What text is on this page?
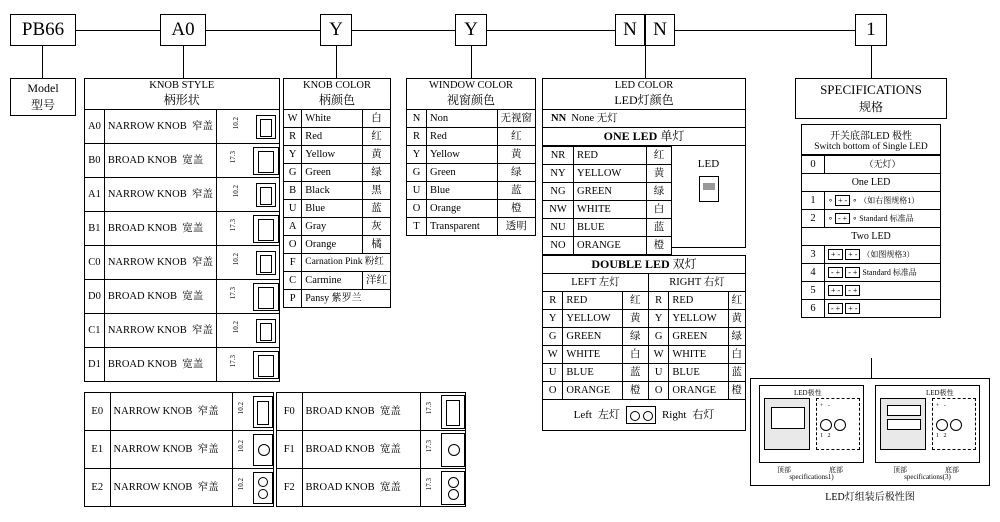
PB66	A0	Y	Y	N N	1
Model
型号
KNOB STYLE
柄形状		
A0	NARROW KNOB 窄盖	10.2

B0	BROAD KNOB 宽盖	17.3

A1	NARROW KNOB 窄盖	10.2

B1	BROAD KNOB 宽盖	17.3

C0	NARROW KNOB 窄盖	10.2

D0	BROAD KNOB 宽盖	17.3

C1	NARROW KNOB 窄盖	10.2

D1	BROAD KNOB 宽盖	17.3
E0	NARROW KNOB 窄盖	10.2

E1	NARROW KNOB 窄盖	10.2

E2	NARROW KNOB 窄盖	10.2
F0	BROAD KNOB 宽盖	17.3

F1	BROAD KNOB 宽盖	17.3

F2	BROAD KNOB 宽盖	17.3
KNOB COLOR
柄颜色		
W	White	白
R	Red	红
Y	Yellow	黄
G	Green	绿
B	Black	黑
U	Blue	蓝
A	Gray	灰
O	Orange	橘
F	Carnation Pink 粉红	
C	Carmine	洋红
P	Pansy 紫罗兰	
WINDOW COLOR
视窗颜色		
N	Non	无视窗
R	Red	红
Y	Yellow	黄
G	Green	绿
U	Blue	蓝
O	Orange	橙
T	Transparent	透明
LED COLOR
LED灯颜色
NN None 无灯
ONE LED 单灯
NR	RED	红
NY	YELLOW	黄
NG	GREEN	绿
NW	WHITE	白
NU	BLUE	蓝
NO	ORANGE	橙
LED
DOUBLE LED 双灯					
LEFT 左灯			RIGHT 右灯		
R	RED	红	R	RED	红
Y	YELLOW	黄	Y	YELLOW	黄
G	GREEN	绿	G	GREEN	绿
W	WHITE	白	W	WHITE	白
U	BLUE	蓝	U	BLUE	蓝
O	ORANGE	橙	O	ORANGE	橙

Left 左灯 Right 右灯					
SPECIFICATIONS
规格
开关底部LED 极性
Switch bottom of Single LED
0	（无灯）
One LED	
1	∘ + - ∘ （如右图规格1）
2	∘ - + ∘ Standard 标准品
Two LED	
3	+ - + - （如图规格3）
4	- + - + Standard 标准品
5	+ - - +
6	- + + -
+   -
1   2
LED极性
顶部	底部
specifications1)
+   -
1   2
LED极性
顶部	底部
specifications(3)
LED灯组装后极性图
